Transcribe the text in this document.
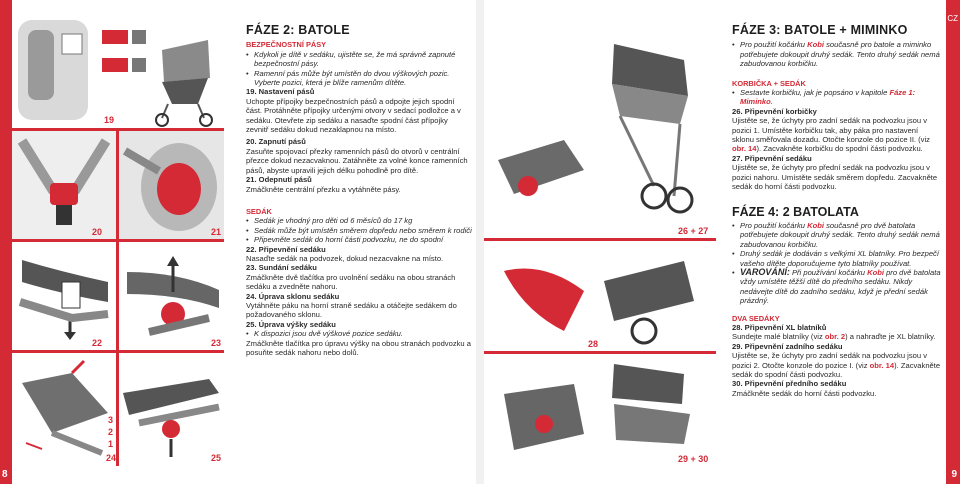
8
19
20	21
22	23
3
2
1
24	25
FÁZE 2: BATOLE
BEZPEČNOSTNÍ PÁSY
• Kdykoli je dítě v sedáku, ujistěte se, že má správně zapnuté bezpečnostní pásy.
• Ramenní pás může být umístěn do dvou výškových pozic. Vyberte pozici, která je blíže ramenům dítěte.
19. Nastavení pásů
Uchopte přípojky bezpečnostních pásů a odpojte jejich spodní část. Protáhněte přípojky určenými otvory v sedací podložce a v sedáku. Otevřete zip sedáku a nasaďte spodní část přípojky zevnitř sedáku dokud nezaklapnou na místo.
20. Zapnutí pásů
Zasuňte spojovací přezky ramenních pásů do otvorů v centrální přezce dokud nezacvaknou. Zatáhněte za volné konce ramenních pásů, abyste upravili jejich délku pohodlně pro dítě.
21. Odepnutí pásů
Zmáčkněte centrální přezku a vytáhněte pásy.
SEDÁK
• Sedák je vhodný pro děti od 6 měsíců do 17 kg
• Sedák může být umístěn směrem dopředu nebo směrem k rodiči
• Připevněte sedák do horní části podvozku, ne do spodní
22. Připevnění sedáku
Nasaďte sedák na podvozek, dokud nezacvakne na místo.
23. Sundání sedáku
Zmáčkněte dvě tlačítka pro uvolnění sedáku na obou stranách sedáku a zvedněte nahoru.
24. Úprava sklonu sedáku
Vytáhněte páku na horní straně sedáku a otáčejte sedákem do požadovaného sklonu.
25. Úprava výšky sedáku
• K dispozici jsou dvě výškové pozice sedáku.
Zmáčkněte tlačítka pro úpravu výšky na obou stranách podvozku a posuňte sedák nahoru nebo dolů.
26 + 27
28
29 + 30
FÁZE 3: BATOLE + MIMINKO
• Pro použití kočárku Kobi současně pro batole a miminko potřebujete dokoupit druhý sedák. Tento druhý sedák nemá zabudovanou korbičku.
KORBIČKA + SEDÁK
• Sestavte korbičku, jak je popsáno v kapitole Fáze 1: Miminko.
26. Připevnění korbičky
Ujistěte se, že úchyty pro zadní sedák na podvozku jsou v pozici 1. Umístěte korbičku tak, aby páka pro nastavení sklonu směřovala dozadu. Otočte konzole do pozice II. (viz obr. 14). Zacvakněte korbičku do spodní části podvozku.
27. Připevnění sedáku
Ujistěte se, že úchyty pro přední sedák na podvozku jsou v pozici nahoru. Umístěte sedák směrem dopředu. Zacvakněte sedák do horní části podvozku.
FÁZE 4: 2 BATOLATA
• Pro použití kočárku Kobi současně pro dvě batolata potřebujete dokoupit druhý sedák. Tento druhý sedák nemá zabudovanou korbičku.
• Druhý sedák je dodáván s velkými XL blatníky. Pro bezpečí vašeho dítěte doporučujeme tyto blatníky používat.
• VAROVÁNÍ: Při používání kočárku Kobi pro dvě batolata vždy umístěte těžší dítě do předního sedáku. Nikdy nedávejte dítě do zadního sedáku, když je přední sedák prázdný.
DVA SEDÁKY
28. Připevnění XL blatníků
Sundejte malé blatníky (viz obr. 2) a nahraďte je XL blatníky.
29. Připevnění zadního sedáku
Ujistěte se, že úchyty pro zadní sedák na podvozku jsou v pozici 2. Otočte konzole do pozice I. (viz obr. 14). Zacvakněte sedák do spodní části podvozku.
30. Připevnění předního sedáku
Zmáčkněte sedák do horní části podvozku.
CZ
9
